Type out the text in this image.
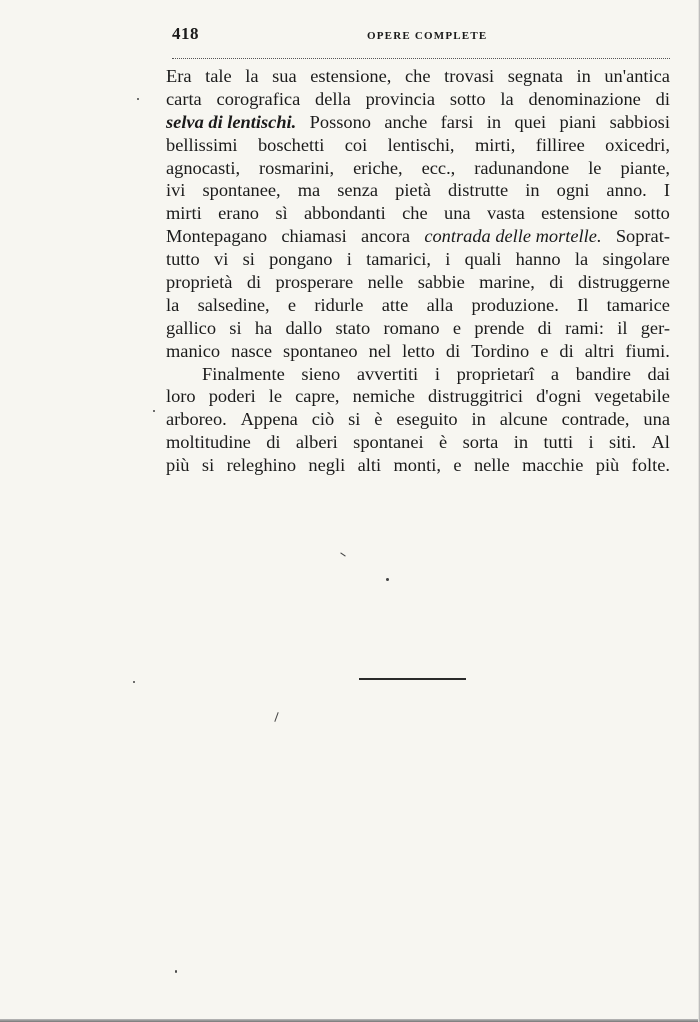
418	OPERE COMPLETE
Era tale la sua estensione, che trovasi segnata in un'antica
carta corografica della provincia sotto la denominazione di
selva di lentischi. Possono anche farsi in quei piani sabbiosi
bellissimi boschetti coi lentischi, mirti, fillirее oxicedri,
agnocasti, rosmarini, eriche, ecc., radunandone le piante,
ivi spontanee, ma senza pietà distrutte in ogni anno. I
mirti erano sì abbondanti che una vasta estensione sotto
Montepagano chiamasi ancora contrada delle mortelle. Soprat-
tutto vi si pongano i tamarici, i quali hanno la singolare
proprietà di prosperare nelle sabbie marine, di distruggerne
la salsedine, e ridurle atte alla produzione. Il tamarice
gallico si ha dallo stato romano e prende di rami: il ger-
manico nasce spontaneo nel letto di Tordino e di altri fiumi.
Finalmente sieno avvertiti i proprietarî a bandire dai
loro poderi le capre, nemiche distruggitrici d'ogni vegetabile
arboreo. Appena ciò si è eseguito in alcune contrade, una
moltitudine di alberi spontanei è sorta in tutti i siti. Al
più si releghino negli alti monti, e nelle macchie più folte.
